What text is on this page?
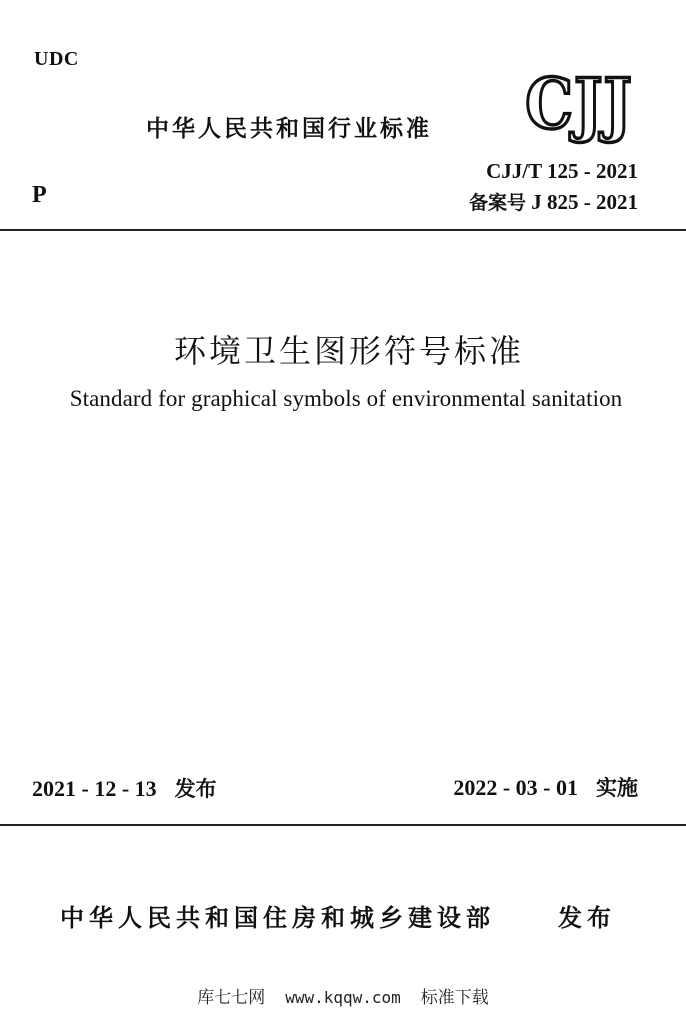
UDC
中华人民共和国行业标准 CJJ
CJJ/T 125 - 2021
备案号 J 825 - 2021
P
环境卫生图形符号标准
Standard for graphical symbols of environmental sanitation
2021 - 12 - 13 发布	2022 - 03 - 01 实施
中华人民共和国住房和城乡建设部	发布
库七七网 www.kqqw.com 标准下载
